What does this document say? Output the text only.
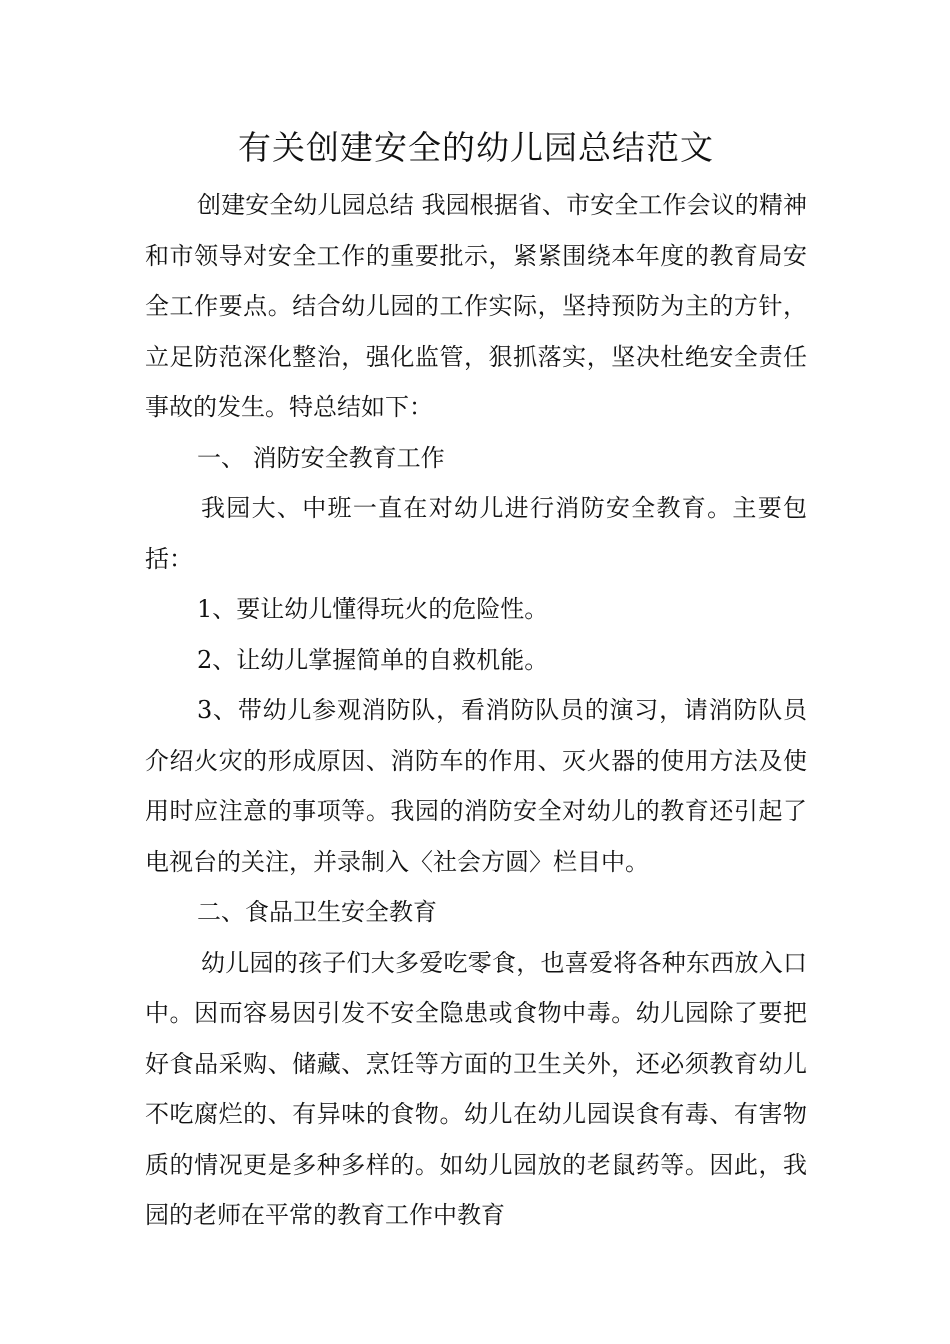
有关创建安全的幼儿园总结范文

创建安全幼儿园总结 我园根据省、市安全工作会议的精神和市领导对安全工作的重要批示，紧紧围绕本年度的教育局安全工作要点。结合幼儿园的工作实际，坚持预防为主的方针，立足防范深化整治，强化监管，狠抓落实，坚决杜绝安全责任事故的发生。特总结如下：

一、 消防安全教育工作

我园大、中班一直在对幼儿进行消防安全教育。主要包括：

1、要让幼儿懂得玩火的危险性。

2、让幼儿掌握简单的自救机能。

3、带幼儿参观消防队，看消防队员的演习，请消防队员介绍火灾的形成原因、消防车的作用、灭火器的使用方法及使用时应注意的事项等。我园的消防安全对幼儿的教育还引起了电视台的关注，并录制入〈社会方圆〉栏目中。

二、食品卫生安全教育

幼儿园的孩子们大多爱吃零食，也喜爱将各种东西放入口中。因而容易因引发不安全隐患或食物中毒。幼儿园除了要把好食品采购、储藏、烹饪等方面的卫生关外，还必须教育幼儿不吃腐烂的、有异味的食物。幼儿在幼儿园误食有毒、有害物质的情况更是多种多样的。如幼儿园放的老鼠药等。因此，我园的老师在平常的教育工作中教育
